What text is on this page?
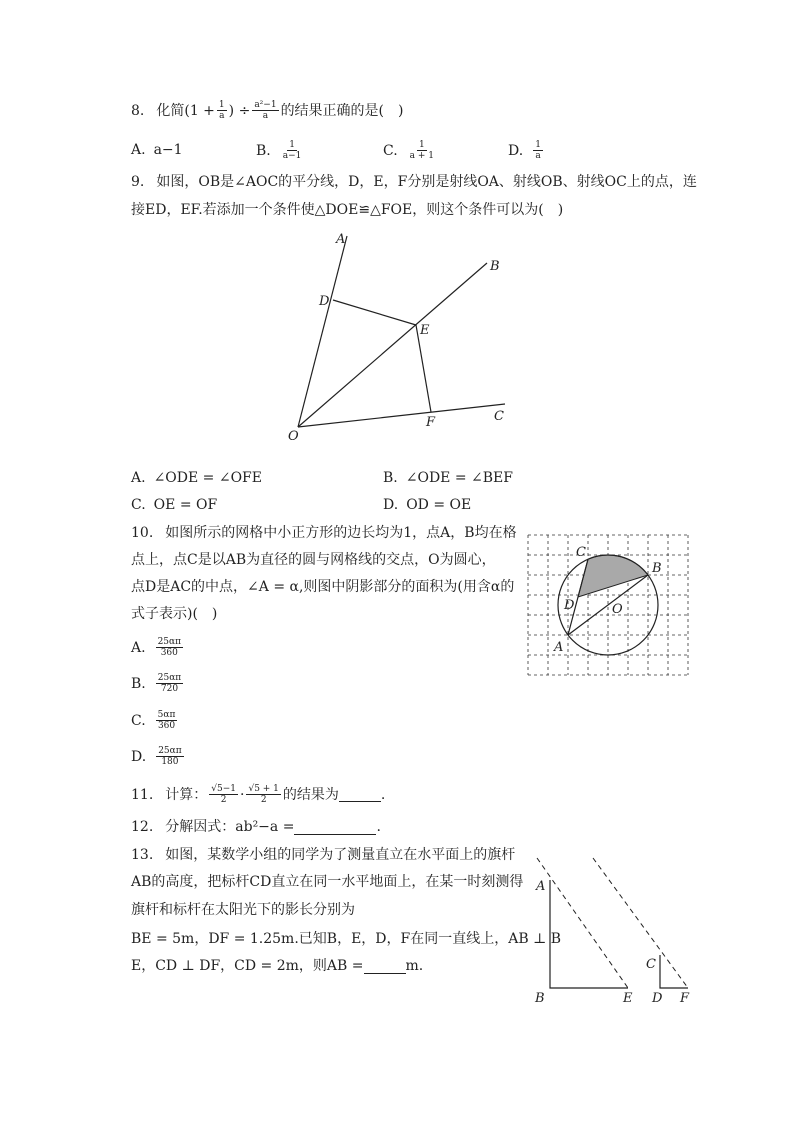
8. 化简($1 + \frac{1}{a}$ ) ÷ $\frac{\text{a²−1}}{a}$ 的结果正确的是(　)
A. a−1	B. $\frac{1}{a-1}$	C. $\frac{1}{a + 1}$	D. $\frac{1}{a}$
9. 如图，OB是∠AOC的平分线，D，E，F分别是射线OA、射线OB、射线OC上的点，连
接ED，EF.若添加一个条件使△DOE≌△FOE，则这个条件可以为(　)
A
B
C
D
E
F
O
A. ∠ODE = ∠OFE	B. ∠ODE = ∠BEF
C. OE = OF	D. OD = OE
10. 如图所示的网格中小正方形的边长均为1，点A，B均在格
点上，点C是以AB为直径的圆与网格线的交点，O为圆心，
点D是AC的中点，∠A = α,则图中阴影部分的面积为(用含α的
式子表示)(　)
C
B
D	O
A
A. $\frac{25\alpha\pi}{360}$
B. $\frac{25\alpha\pi}{720}$
C. $\frac{5\alpha\pi}{360}$
D. $\frac{25\alpha\pi}{180}$
11. 计算： $\frac{√5-1}{2} \cdot \frac{√5 + 1}{2}$ 的结果为	.
12. 分解因式：ab²−a =	.
13. 如图，某数学小组的同学为了测量直立在水平面上的旗杆
AB的高度，把标杆CD直立在同一水平地面上，在某一时刻测得
旗杆和标杆在太阳光下的影长分别为
BE = 5m，DF = 1.25m.已知B，E，D，F在同一直线上，AB ⊥ B
E，CD ⊥ DF，CD = 2m，则AB =	m.
A
B	E
C
D F
